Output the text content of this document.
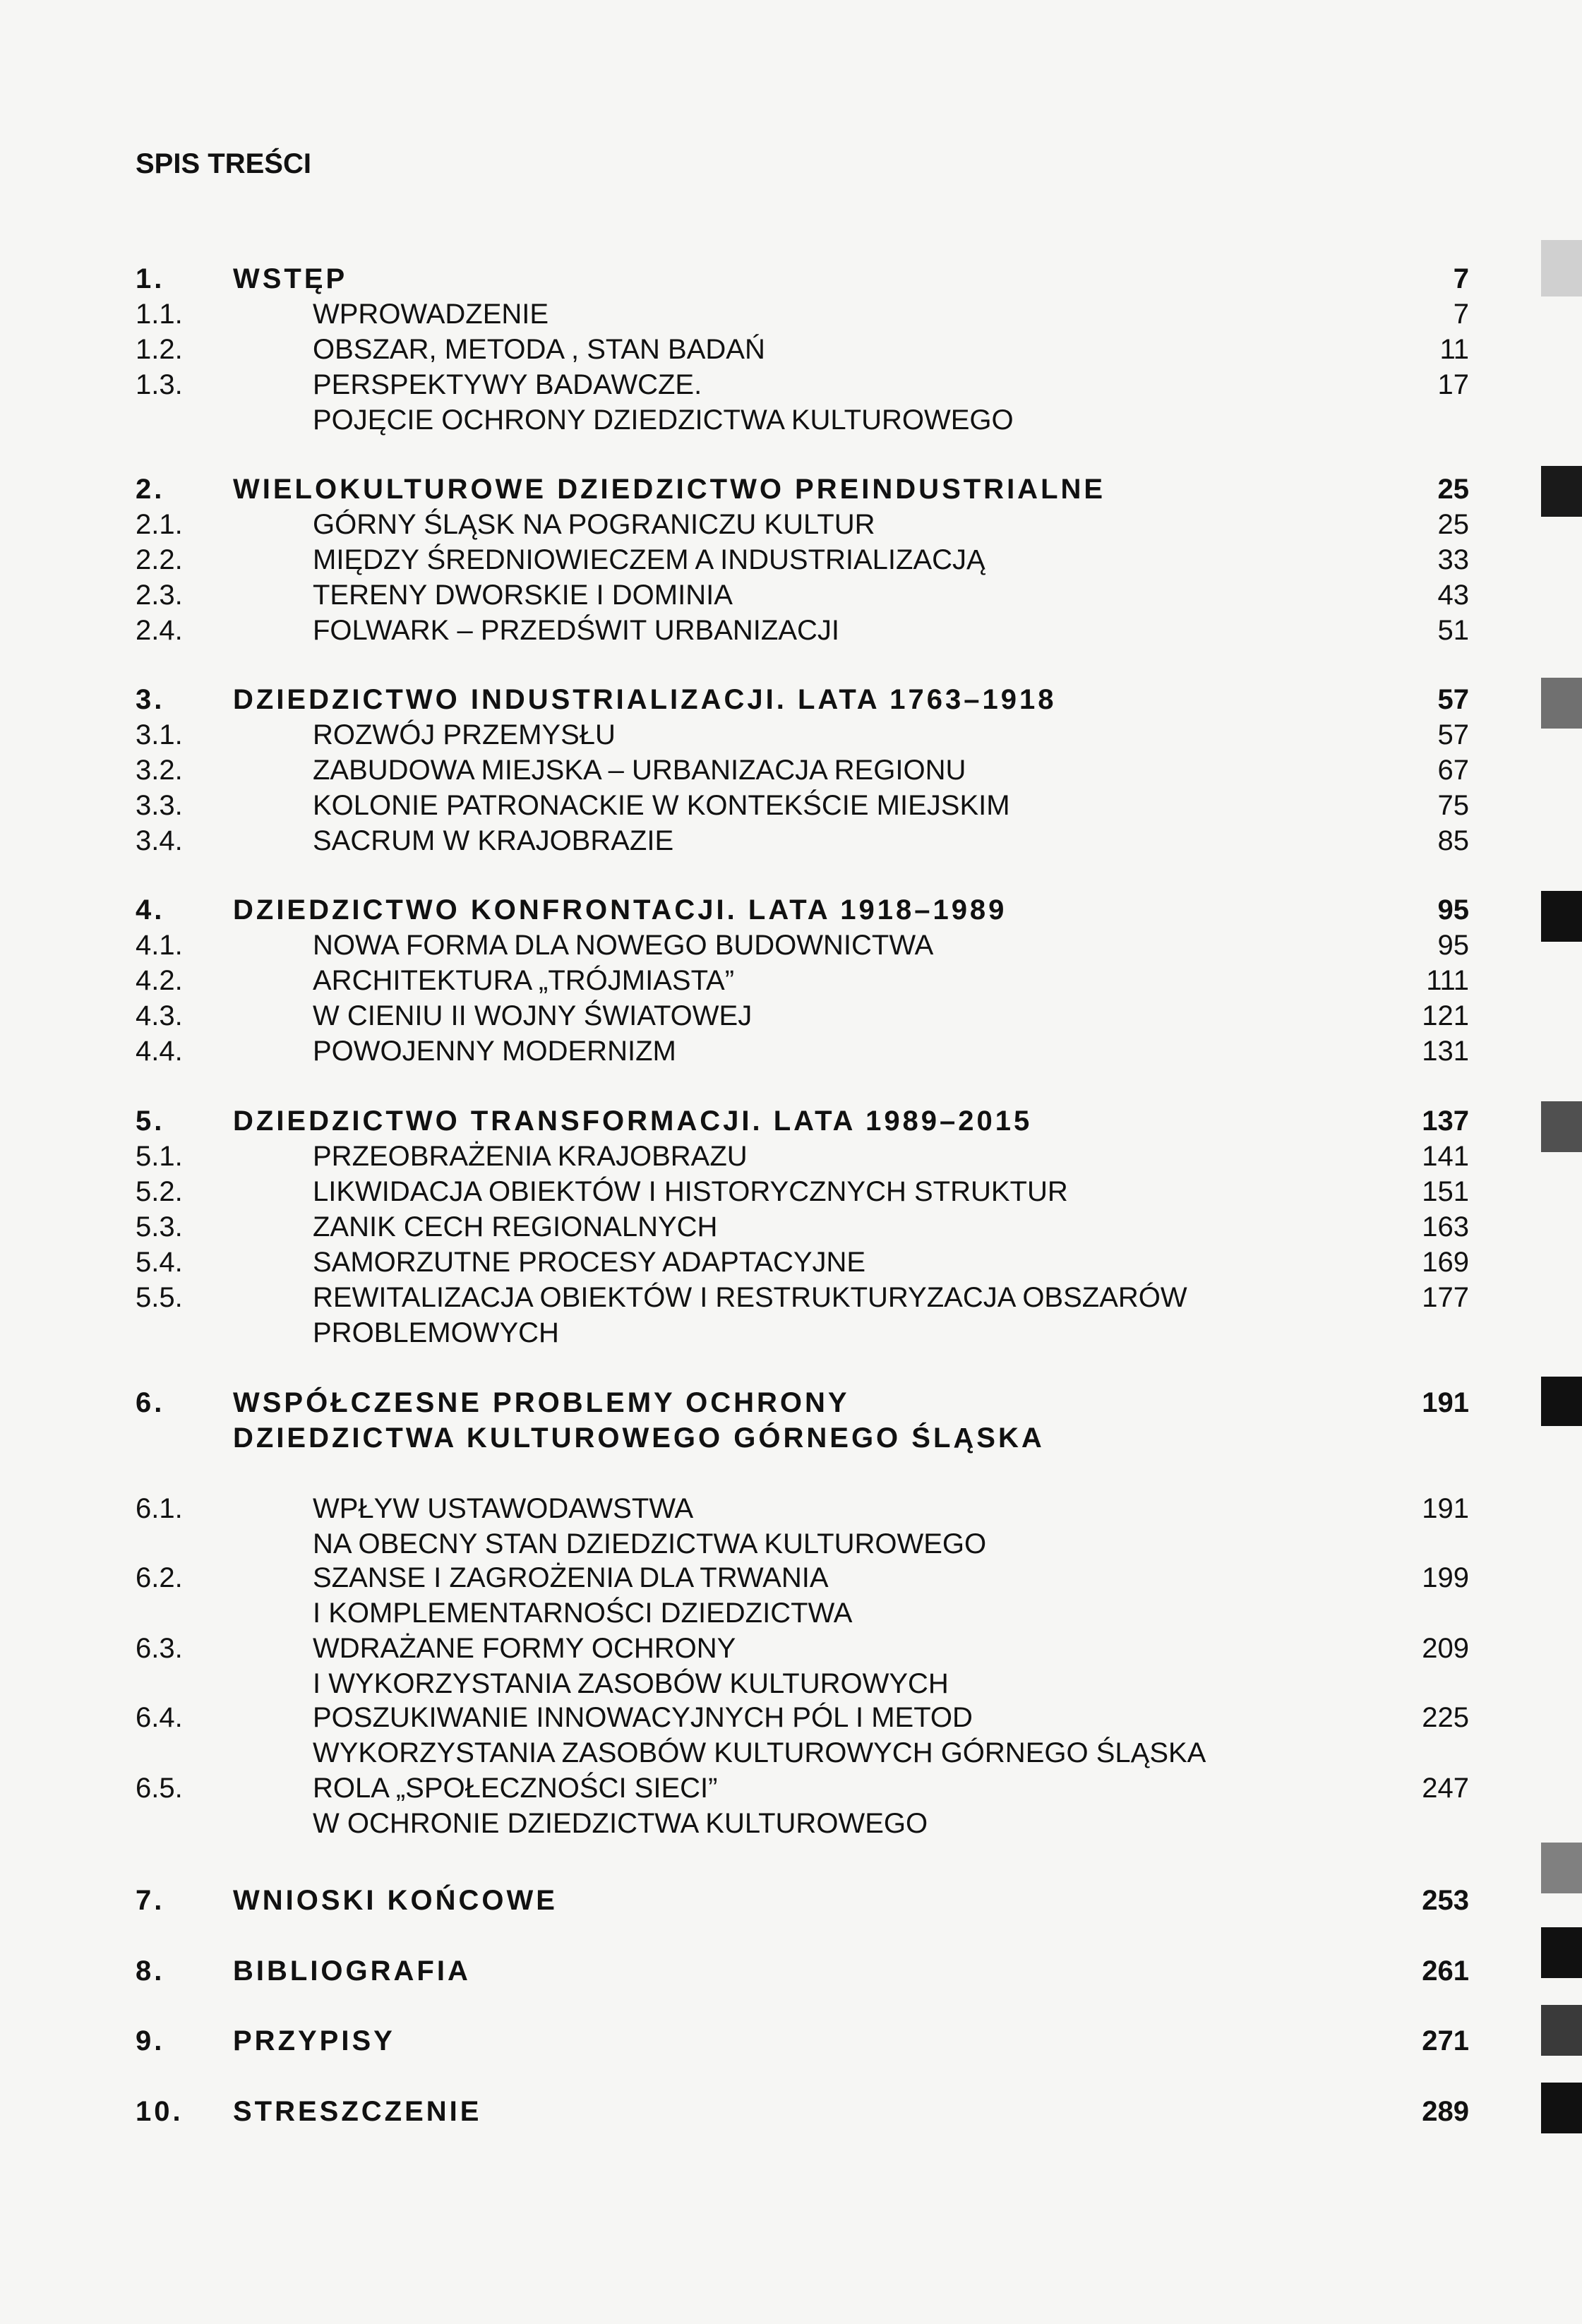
SPIS TREŚCI
1. WSTĘP	7
1.1.	WPROWADZENIE	7
1.2.	OBSZAR, METODA , STAN BADAŃ	11
1.3.	PERSPEKTYWY BADAWCZE.	17
POJĘCIE OCHRONY DZIEDZICTWA KULTUROWEGO
2. WIELOKULTUROWE DZIEDZICTWO PREINDUSTRIALNE	25
2.1.	GÓRNY ŚLĄSK NA POGRANICZU KULTUR	25
2.2.	MIĘDZY ŚREDNIOWIECZEM A INDUSTRIALIZACJĄ	33
2.3.	TERENY DWORSKIE I DOMINIA	43
2.4.	FOLWARK – PRZEDŚWIT URBANIZACJI	51
3. DZIEDZICTWO INDUSTRIALIZACJI. LATA 1763–1918	57
3.1.	ROZWÓJ PRZEMYSŁU	57
3.2.	ZABUDOWA MIEJSKA – URBANIZACJA REGIONU	67
3.3.	KOLONIE PATRONACKIE W KONTEKŚCIE MIEJSKIM	75
3.4.	SACRUM W KRAJOBRAZIE	85
4. DZIEDZICTWO KONFRONTACJI. LATA 1918–1989	95
4.1.	NOWA FORMA DLA NOWEGO BUDOWNICTWA	95
4.2.	ARCHITEKTURA „TRÓJMIASTA”	111
4.3.	W CIENIU II WOJNY ŚWIATOWEJ	121
4.4.	POWOJENNY MODERNIZM	131
5. DZIEDZICTWO TRANSFORMACJI. LATA 1989–2015	137
5.1.	PRZEOBRAŻENIA KRAJOBRAZU	141
5.2.	LIKWIDACJA OBIEKTÓW I HISTORYCZNYCH STRUKTUR	151
5.3.	ZANIK CECH REGIONALNYCH	163
5.4.	SAMORZUTNE PROCESY ADAPTACYJNE	169
5.5.	REWITALIZACJA OBIEKTÓW I RESTRUKTURYZACJA OBSZARÓW	177
PROBLEMOWYCH
6. WSPÓŁCZESNE PROBLEMY OCHRONY	191
DZIEDZICTWA KULTUROWEGO GÓRNEGO ŚLĄSKA
6.1.	WPŁYW USTAWODAWSTWA	191
NA OBECNY STAN DZIEDZICTWA KULTUROWEGO
6.2.	SZANSE I ZAGROŻENIA DLA TRWANIA	199
I KOMPLEMENTARNOŚCI DZIEDZICTWA
6.3.	WDRAŻANE FORMY OCHRONY	209
I WYKORZYSTANIA ZASOBÓW KULTUROWYCH
6.4.	POSZUKIWANIE INNOWACYJNYCH PÓL I METOD	225
WYKORZYSTANIA ZASOBÓW KULTUROWYCH GÓRNEGO ŚLĄSKA
6.5.	ROLA „SPOŁECZNOŚCI SIECI”	247
W OCHRONIE DZIEDZICTWA KULTUROWEGO
7. WNIOSKI KOŃCOWE	253
8. BIBLIOGRAFIA	261
9. PRZYPISY	271
10. STRESZCZENIE	289
